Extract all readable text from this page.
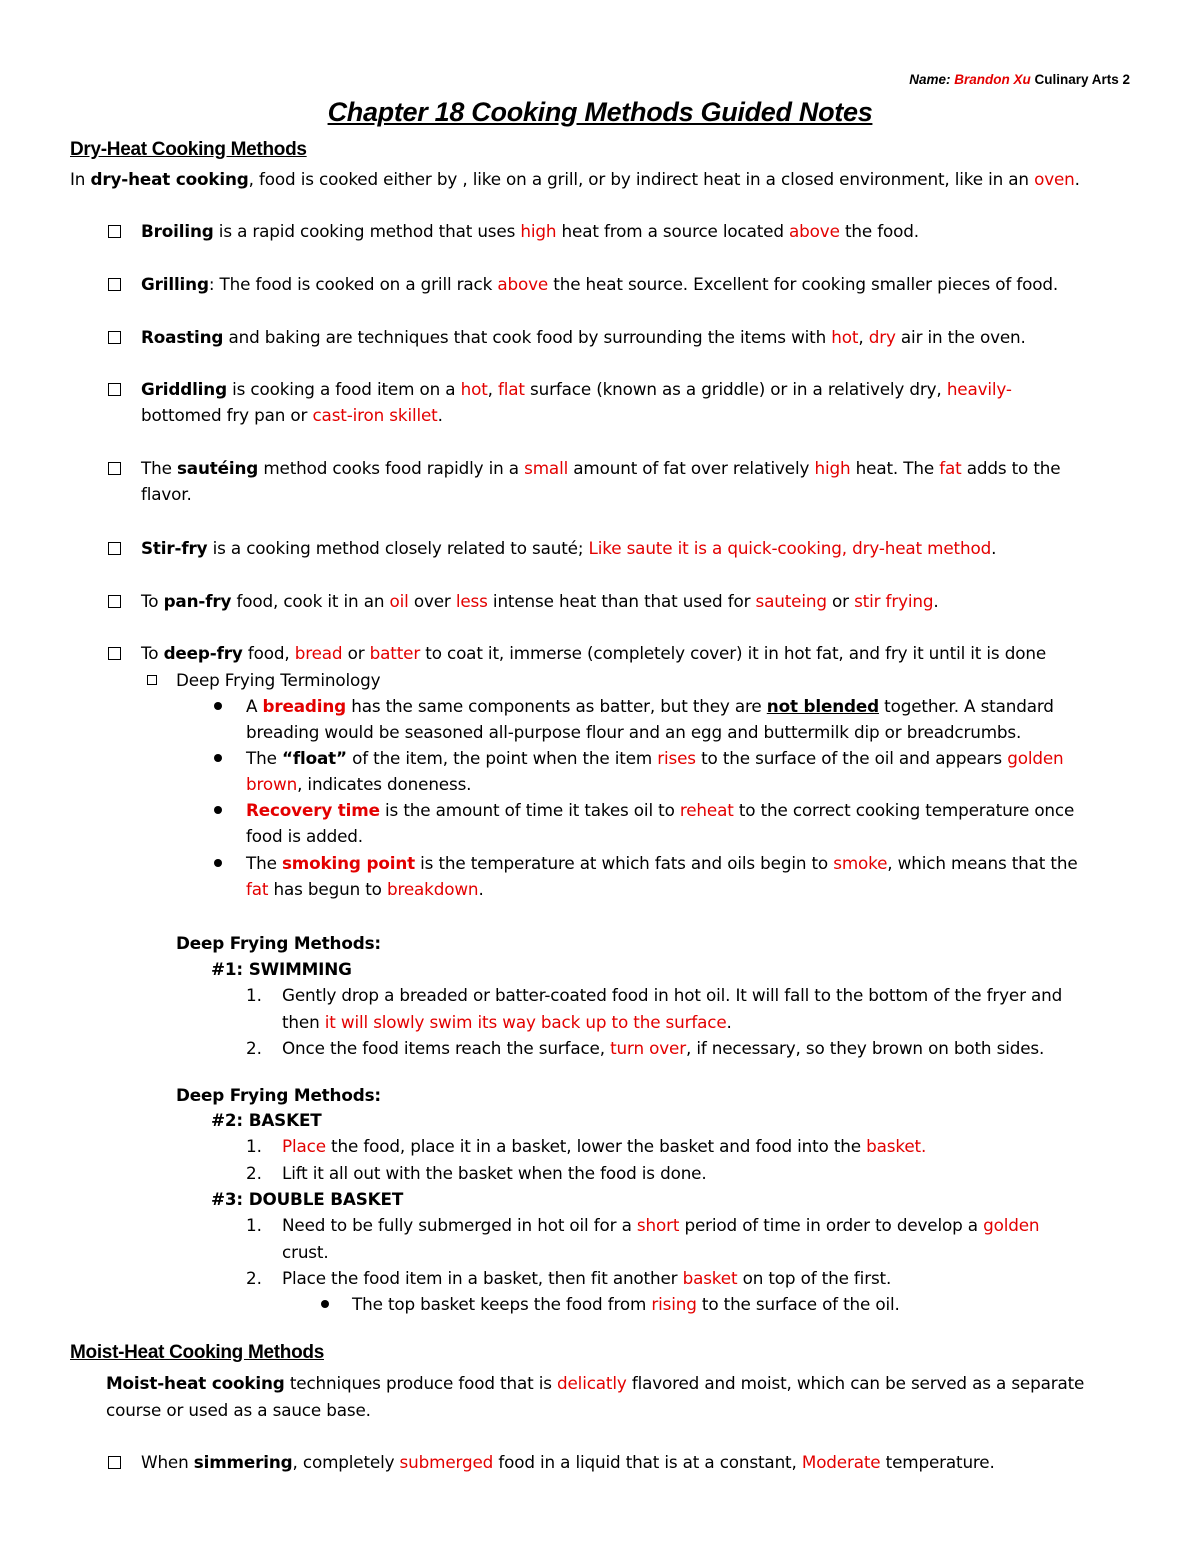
Name: Brandon Xu Culinary Arts 2
Chapter 18 Cooking Methods Guided Notes
Dry-Heat Cooking Methods
In dry-heat cooking, food is cooked either by , like on a grill, or by indirect heat in a closed environment, like in an oven.
Broiling is a rapid cooking method that uses high heat from a source located above the food.
Grilling: The food is cooked on a grill rack above the heat source. Excellent for cooking smaller pieces of food.
Roasting and baking are techniques that cook food by surrounding the items with hot, dry air in the oven.
Griddling is cooking a food item on a hot, flat surface (known as a griddle) or in a relatively dry, heavily-
bottomed fry pan or cast-iron skillet.
The sautéing method cooks food rapidly in a small amount of fat over relatively high heat. The fat adds to the
flavor.
Stir-fry is a cooking method closely related to sauté; Like saute it is a quick-cooking, dry-heat method.
To pan-fry food, cook it in an oil over less intense heat than that used for sauteing or stir frying.
To deep-fry food, bread or batter to coat it, immerse (completely cover) it in hot fat, and fry it until it is done
Deep Frying Terminology
A breading has the same components as batter, but they are not blended together. A standard
breading would be seasoned all-purpose flour and an egg and buttermilk dip or breadcrumbs.
The “float” of the item, the point when the item rises to the surface of the oil and appears golden
brown, indicates doneness.
Recovery time is the amount of time it takes oil to reheat to the correct cooking temperature once
food is added.
The smoking point is the temperature at which fats and oils begin to smoke, which means that the
fat has begun to breakdown.
Deep Frying Methods:
#1: SWIMMING
1. Gently drop a breaded or batter-coated food in hot oil. It will fall to the bottom of the fryer and
then it will slowly swim its way back up to the surface.
2. Once the food items reach the surface, turn over, if necessary, so they brown on both sides.
Deep Frying Methods:
#2: BASKET
1. Place the food, place it in a basket, lower the basket and food into the basket.
2. Lift it all out with the basket when the food is done.
#3: DOUBLE BASKET
1. Need to be fully submerged in hot oil for a short period of time in order to develop a golden
crust.
2. Place the food item in a basket, then fit another basket on top of the first.
The top basket keeps the food from rising to the surface of the oil.
Moist-Heat Cooking Methods
Moist-heat cooking techniques produce food that is delicatly flavored and moist, which can be served as a separate
course or used as a sauce base.
When simmering, completely submerged food in a liquid that is at a constant, Moderate temperature.
